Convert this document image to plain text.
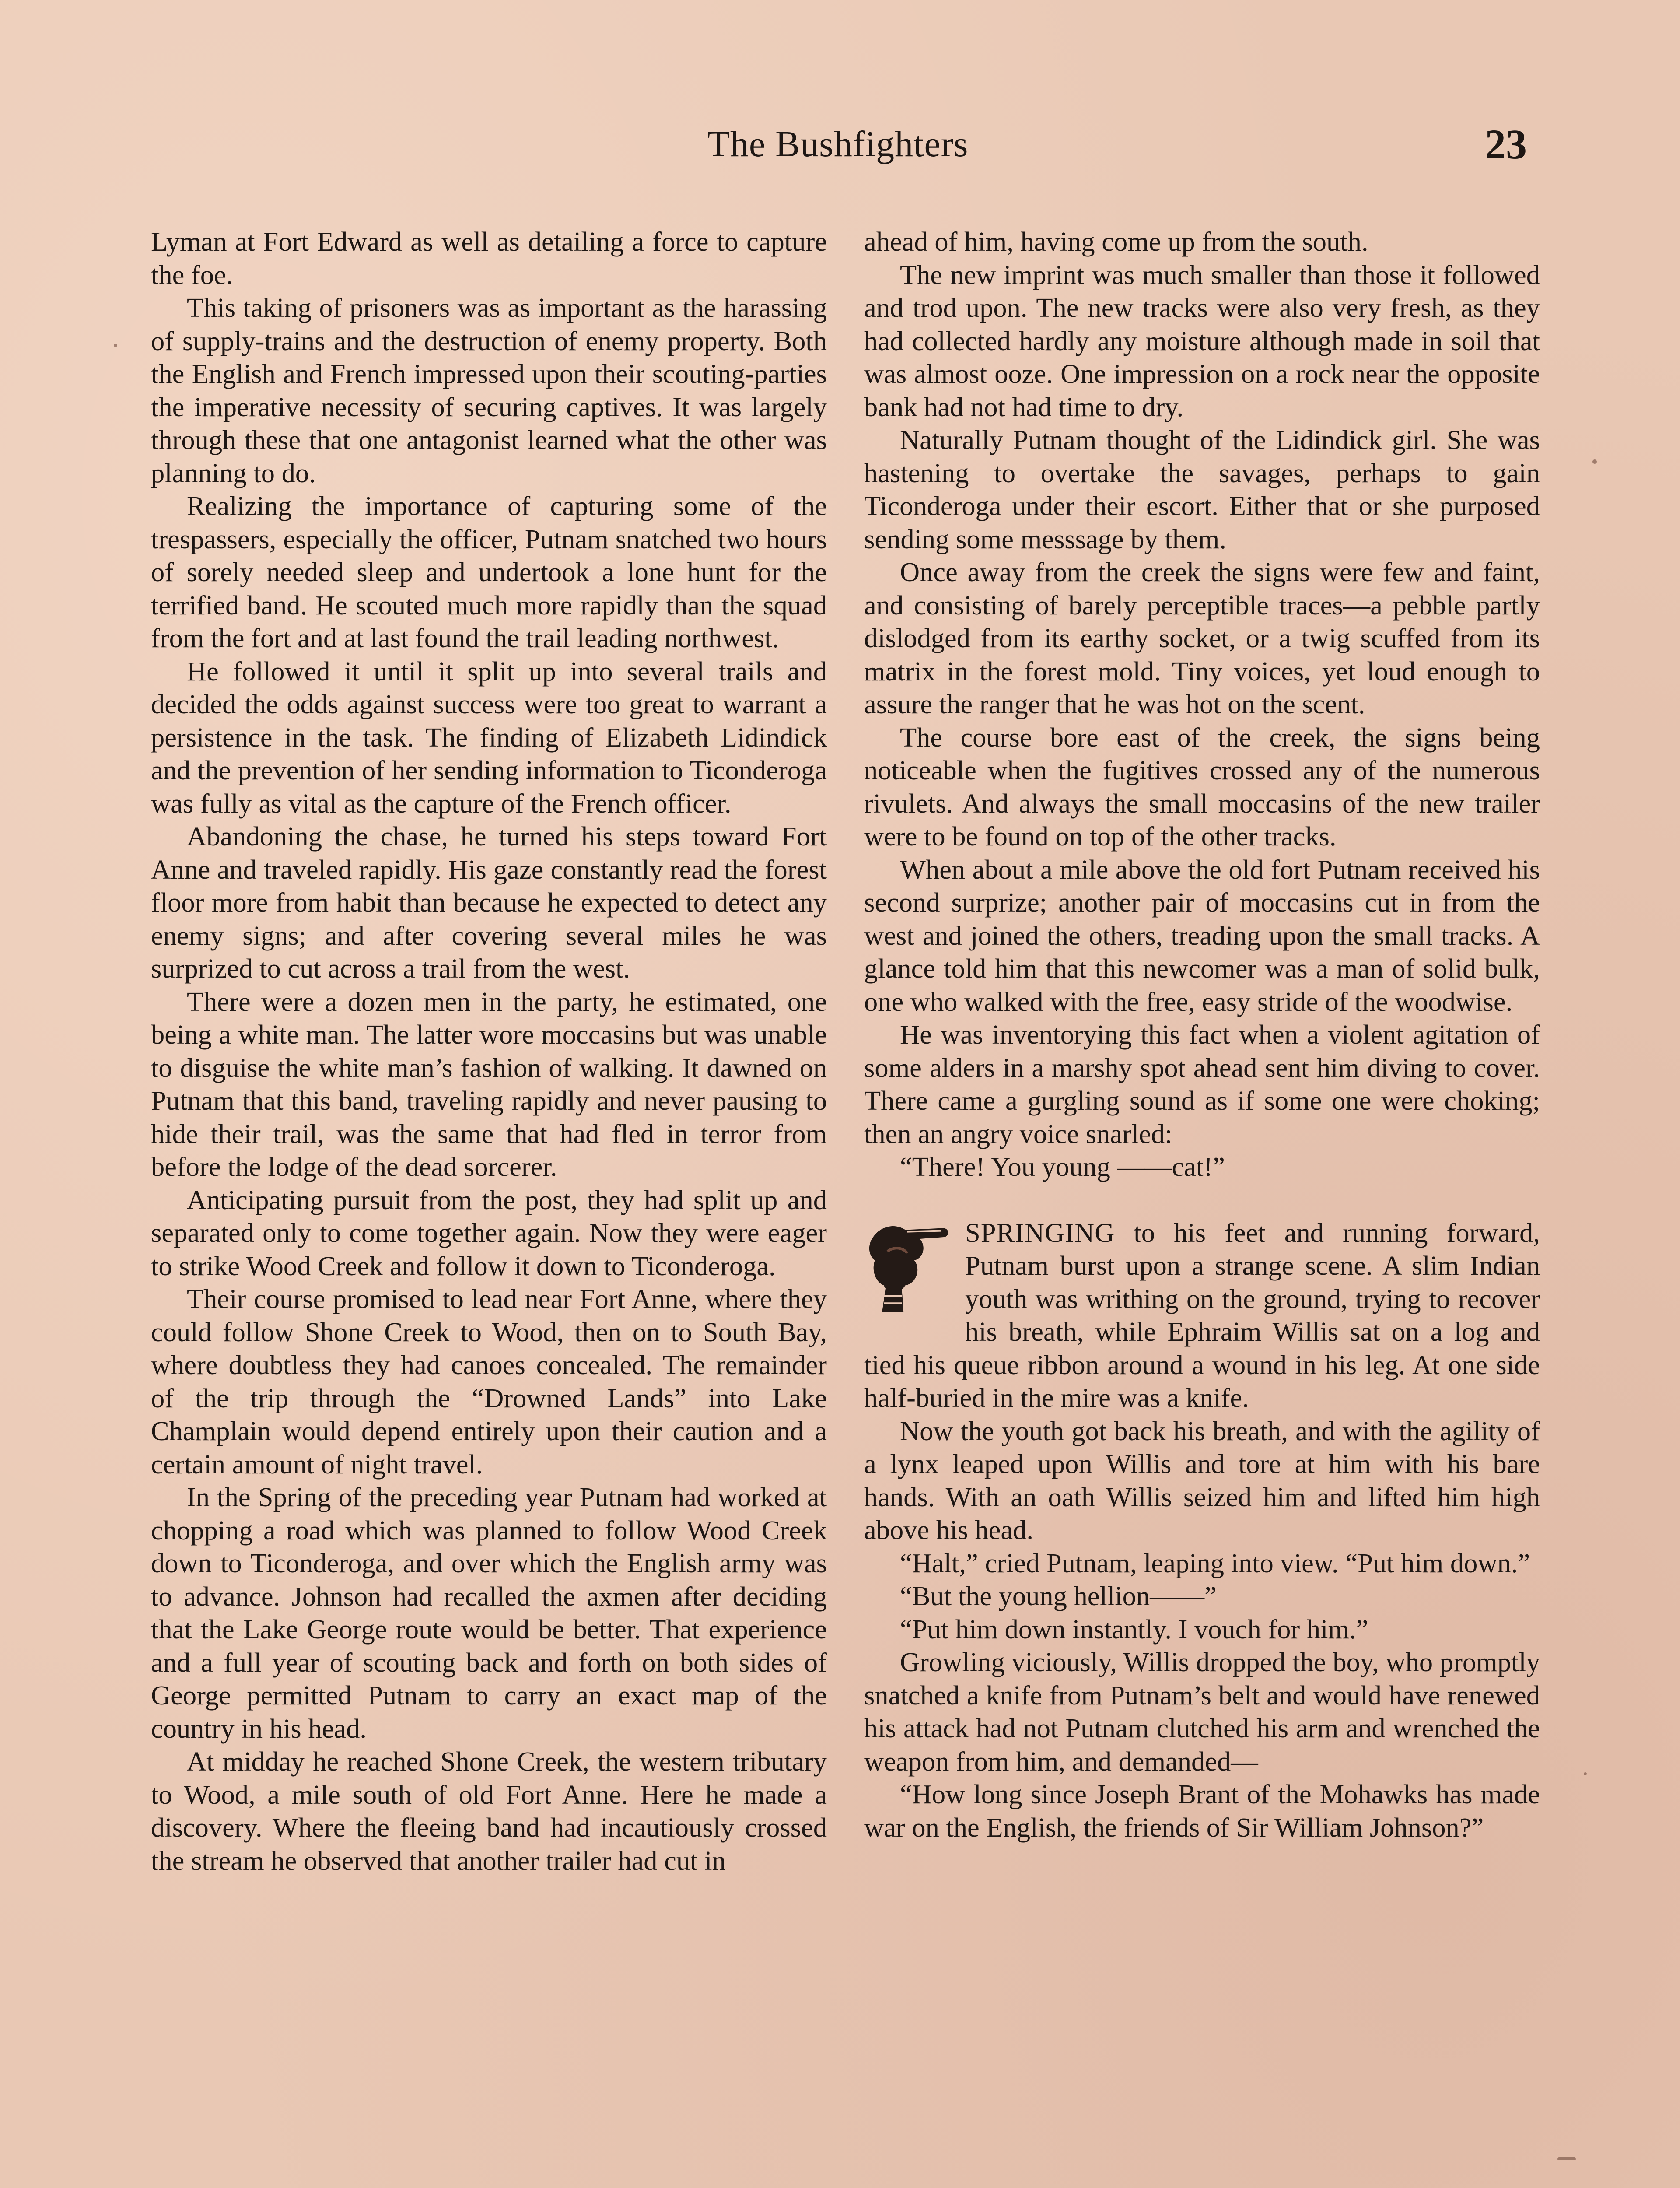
The Bushfighters	23

Lyman at Fort Edward as well as detailing a force to capture the foe.

This taking of prisoners was as important as the harassing of supply-trains and the destruction of enemy property. Both the English and French impressed upon their scouting-parties the imperative necessity of securing captives. It was largely through these that one antagonist learned what the other was planning to do.

Realizing the importance of capturing some of the trespassers, especially the officer, Putnam snatched two hours of sorely needed sleep and undertook a lone hunt for the terrified band. He scouted much more rapidly than the squad from the fort and at last found the trail leading northwest.

He followed it until it split up into several trails and decided the odds against success were too great to warrant a persistence in the task. The finding of Elizabeth Lidindick and the prevention of her sending information to Ticonderoga was fully as vital as the capture of the French officer.

Abandoning the chase, he turned his steps toward Fort Anne and traveled rapidly. His gaze constantly read the forest floor more from habit than because he expected to detect any enemy signs; and after covering several miles he was surprized to cut across a trail from the west.

There were a dozen men in the party, he estimated, one being a white man. The latter wore moccasins but was unable to disguise the white man’s fashion of walking. It dawned on Putnam that this band, traveling rapidly and never pausing to hide their trail, was the same that had fled in terror from before the lodge of the dead sorcerer.

Anticipating pursuit from the post, they had split up and separated only to come together again. Now they were eager to strike Wood Creek and follow it down to Ticonderoga.

Their course promised to lead near Fort Anne, where they could follow Shone Creek to Wood, then on to South Bay, where doubtless they had canoes concealed. The remainder of the trip through the “Drowned Lands” into Lake Champlain would depend entirely upon their caution and a certain amount of night travel.

In the Spring of the preceding year Putnam had worked at chopping a road which was planned to follow Wood Creek down to Ticonderoga, and over which the English army was to advance. Johnson had recalled the axmen after deciding that the Lake George route would be better. That experience and a full year of scouting back and forth on both sides of George permitted Putnam to carry an exact map of the country in his head.

At midday he reached Shone Creek, the western tributary to Wood, a mile south of old Fort Anne. Here he made a discovery. Where the fleeing band had incautiously crossed the stream he observed that another trailer had cut in

ahead of him, having come up from the south.

The new imprint was much smaller than those it followed and trod upon. The new tracks were also very fresh, as they had collected hardly any moisture although made in soil that was almost ooze. One impression on a rock near the opposite bank had not had time to dry.

Naturally Putnam thought of the Lidindick girl. She was hastening to overtake the savages, perhaps to gain Ticonderoga under their escort. Either that or she purposed sending some messsage by them.

Once away from the creek the signs were few and faint, and consisting of barely perceptible traces—a pebble partly dislodged from its earthy socket, or a twig scuffed from its matrix in the forest mold. Tiny voices, yet loud enough to assure the ranger that he was hot on the scent.

The course bore east of the creek, the signs being noticeable when the fugitives crossed any of the numerous rivulets. And always the small moccasins of the new trailer were to be found on top of the other tracks.

When about a mile above the old fort Putnam received his second surprize; another pair of moccasins cut in from the west and joined the others, treading upon the small tracks. A glance told him that this newcomer was a man of solid bulk, one who walked with the free, easy stride of the woodwise.

He was inventorying this fact when a violent agitation of some alders in a marshy spot ahead sent him diving to cover. There came a gurgling sound as if some one were choking; then an angry voice snarled:

“There! You young ——cat!”

SPRINGING to his feet and running forward, Putnam burst upon a strange scene. A slim Indian youth was writhing on the ground, trying to recover his breath, while Ephraim Willis sat on a log and tied his queue ribbon around a wound in his leg. At one side half-buried in the mire was a knife.

Now the youth got back his breath, and with the agility of a lynx leaped upon Willis and tore at him with his bare hands. With an oath Willis seized him and lifted him high above his head.

“Halt,” cried Putnam, leaping into view. “Put him down.”

“But the young hellion——”

“Put him down instantly. I vouch for him.”

Growling viciously, Willis dropped the boy, who promptly snatched a knife from Putnam’s belt and would have renewed his attack had not Putnam clutched his arm and wrenched the weapon from him, and demanded—

“How long since Joseph Brant of the Mohawks has made war on the English, the friends of Sir William Johnson?”
